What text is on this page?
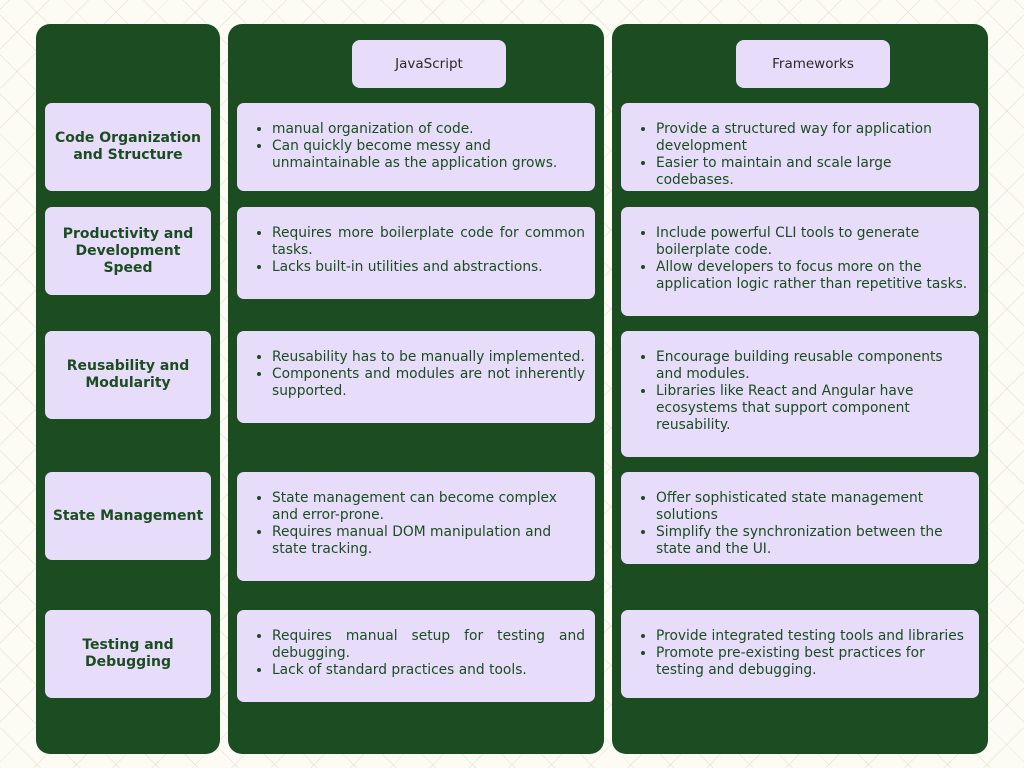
JavaScript	Frameworks
Code Organization and Structure
• manual organization of code.
• Can quickly become messy and unmaintainable as the application grows.
• Provide a structured way for application development
• Easier to maintain and scale large codebases.
Productivity and Development Speed
• Requires more boilerplate code for common tasks.
• Lacks built-in utilities and abstractions.
• Include powerful CLI tools to generate boilerplate code.
• Allow developers to focus more on the application logic rather than repetitive tasks.
Reusability and Modularity
• Reusability has to be manually implemented.
• Components and modules are not inherently supported.
• Encourage building reusable components and modules.
• Libraries like React and Angular have ecosystems that support component reusability.
State Management
• State management can become complex and error-prone.
• Requires manual DOM manipulation and state tracking.
• Offer sophisticated state management solutions
• Simplify the synchronization between the state and the UI.
Testing and Debugging
• Requires manual setup for testing and debugging.
• Lack of standard practices and tools.
• Provide integrated testing tools and libraries
• Promote pre-existing best practices for testing and debugging.
